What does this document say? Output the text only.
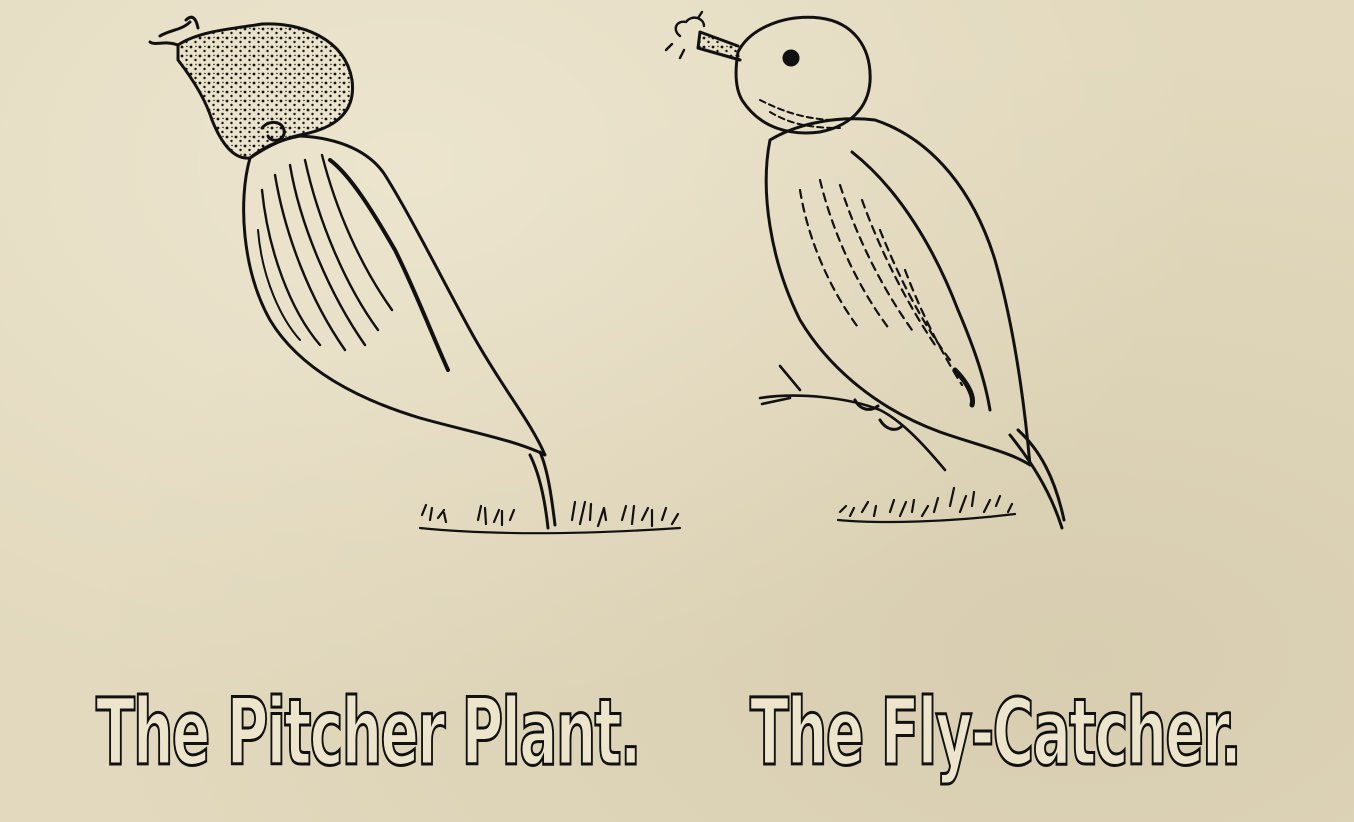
The Pitcher Plant. The Fly-Catcher.
